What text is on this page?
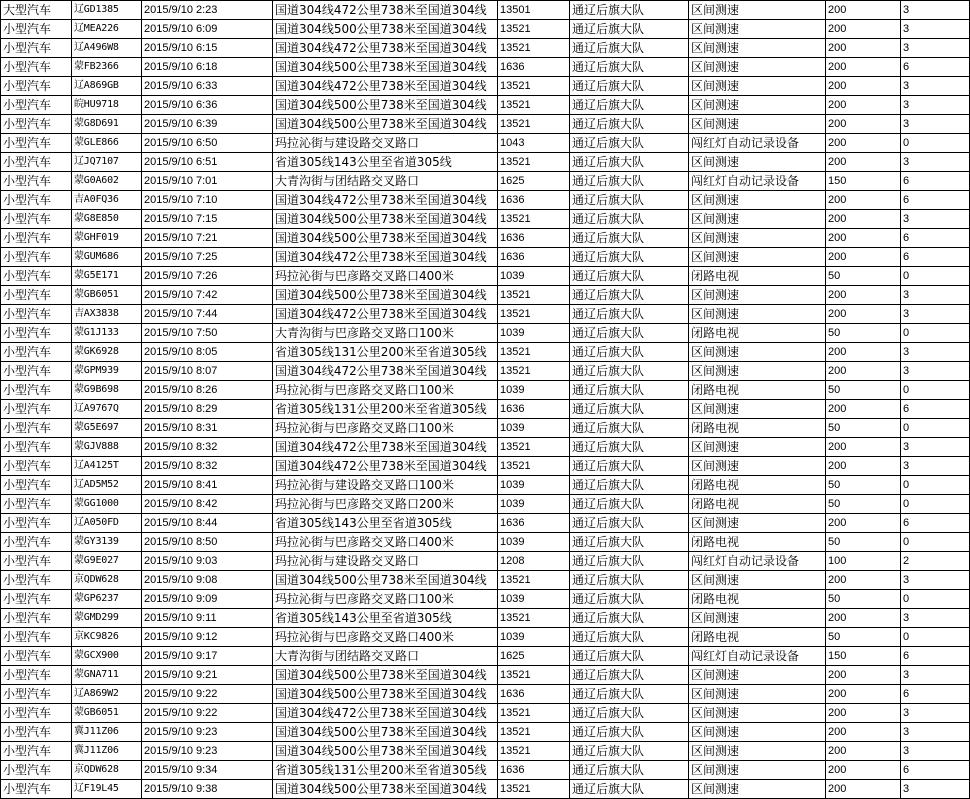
大型汽车	辽GD1385	2015/9/10 2:23	国道304线472公里738米至国道304线	13501	通辽后旗大队	区间测速	200	3
小型汽车	辽MEA226	2015/9/10 6:09	国道304线500公里738米至国道304线	13521	通辽后旗大队	区间测速	200	3
小型汽车	辽A496W8	2015/9/10 6:15	国道304线472公里738米至国道304线	13521	通辽后旗大队	区间测速	200	3
小型汽车	蒙FB2366	2015/9/10 6:18	国道304线500公里738米至国道304线	1636	通辽后旗大队	区间测速	200	6
小型汽车	辽A869GB	2015/9/10 6:33	国道304线472公里738米至国道304线	13521	通辽后旗大队	区间测速	200	3
小型汽车	皖HU9718	2015/9/10 6:36	国道304线500公里738米至国道304线	13521	通辽后旗大队	区间测速	200	3
小型汽车	蒙G8D691	2015/9/10 6:39	国道304线500公里738米至国道304线	13521	通辽后旗大队	区间测速	200	3
小型汽车	蒙GLE866	2015/9/10 6:50	玛拉沁街与建设路交叉路口	1043	通辽后旗大队	闯红灯自动记录设备	200	0
小型汽车	辽JQ7107	2015/9/10 6:51	省道305线143公里至省道305线	13521	通辽后旗大队	区间测速	200	3
小型汽车	蒙G0A602	2015/9/10 7:01	大青沟街与团结路交叉路口	1625	通辽后旗大队	闯红灯自动记录设备	150	6
小型汽车	吉A0FQ36	2015/9/10 7:10	国道304线472公里738米至国道304线	1636	通辽后旗大队	区间测速	200	6
小型汽车	蒙G8E850	2015/9/10 7:15	国道304线500公里738米至国道304线	13521	通辽后旗大队	区间测速	200	3
小型汽车	蒙GHF019	2015/9/10 7:21	国道304线500公里738米至国道304线	1636	通辽后旗大队	区间测速	200	6
小型汽车	蒙GUM686	2015/9/10 7:25	国道304线472公里738米至国道304线	1636	通辽后旗大队	区间测速	200	6
小型汽车	蒙G5E171	2015/9/10 7:26	玛拉沁街与巴彦路交叉路口400米	1039	通辽后旗大队	闭路电视	50	0
小型汽车	蒙GB6051	2015/9/10 7:42	国道304线500公里738米至国道304线	13521	通辽后旗大队	区间测速	200	3
小型汽车	吉AX3838	2015/9/10 7:44	国道304线472公里738米至国道304线	13521	通辽后旗大队	区间测速	200	3
小型汽车	蒙G1J133	2015/9/10 7:50	大青沟街与巴彦路交叉路口100米	1039	通辽后旗大队	闭路电视	50	0
小型汽车	蒙GK6928	2015/9/10 8:05	省道305线131公里200米至省道305线	13521	通辽后旗大队	区间测速	200	3
小型汽车	蒙GPM939	2015/9/10 8:07	国道304线472公里738米至国道304线	13521	通辽后旗大队	区间测速	200	3
小型汽车	蒙G9B698	2015/9/10 8:26	玛拉沁街与巴彦路交叉路口100米	1039	通辽后旗大队	闭路电视	50	0
小型汽车	辽A9767Q	2015/9/10 8:29	省道305线131公里200米至省道305线	1636	通辽后旗大队	区间测速	200	6
小型汽车	蒙G5E697	2015/9/10 8:31	玛拉沁街与巴彦路交叉路口100米	1039	通辽后旗大队	闭路电视	50	0
小型汽车	蒙GJV888	2015/9/10 8:32	国道304线472公里738米至国道304线	13521	通辽后旗大队	区间测速	200	3
小型汽车	辽A4125T	2015/9/10 8:32	国道304线472公里738米至国道304线	13521	通辽后旗大队	区间测速	200	3
小型汽车	辽AD5M52	2015/9/10 8:41	玛拉沁街与建设路交叉路口100米	1039	通辽后旗大队	闭路电视	50	0
小型汽车	蒙GG1000	2015/9/10 8:42	玛拉沁街与巴彦路交叉路口200米	1039	通辽后旗大队	闭路电视	50	0
小型汽车	辽A050FD	2015/9/10 8:44	省道305线143公里至省道305线	1636	通辽后旗大队	区间测速	200	6
小型汽车	蒙GY3139	2015/9/10 8:50	玛拉沁街与巴彦路交叉路口400米	1039	通辽后旗大队	闭路电视	50	0
小型汽车	蒙G9E027	2015/9/10 9:03	玛拉沁街与建设路交叉路口	1208	通辽后旗大队	闯红灯自动记录设备	100	2
小型汽车	京QDW628	2015/9/10 9:08	国道304线500公里738米至国道304线	13521	通辽后旗大队	区间测速	200	3
小型汽车	蒙GP6237	2015/9/10 9:09	玛拉沁街与巴彦路交叉路口100米	1039	通辽后旗大队	闭路电视	50	0
小型汽车	蒙GMD299	2015/9/10 9:11	省道305线143公里至省道305线	13521	通辽后旗大队	区间测速	200	3
小型汽车	京KC9826	2015/9/10 9:12	玛拉沁街与巴彦路交叉路口400米	1039	通辽后旗大队	闭路电视	50	0
小型汽车	蒙GCX900	2015/9/10 9:17	大青沟街与团结路交叉路口	1625	通辽后旗大队	闯红灯自动记录设备	150	6
小型汽车	蒙GNA711	2015/9/10 9:21	国道304线500公里738米至国道304线	13521	通辽后旗大队	区间测速	200	3
小型汽车	辽A869W2	2015/9/10 9:22	国道304线500公里738米至国道304线	1636	通辽后旗大队	区间测速	200	6
小型汽车	蒙GB6051	2015/9/10 9:22	国道304线472公里738米至国道304线	13521	通辽后旗大队	区间测速	200	3
小型汽车	冀J11Z06	2015/9/10 9:23	国道304线500公里738米至国道304线	13521	通辽后旗大队	区间测速	200	3
小型汽车	冀J11Z06	2015/9/10 9:23	国道304线500公里738米至国道304线	13521	通辽后旗大队	区间测速	200	3
小型汽车	京QDW628	2015/9/10 9:34	省道305线131公里200米至省道305线	1636	通辽后旗大队	区间测速	200	6
小型汽车	辽F19L45	2015/9/10 9:38	国道304线500公里738米至国道304线	13521	通辽后旗大队	区间测速	200	3
